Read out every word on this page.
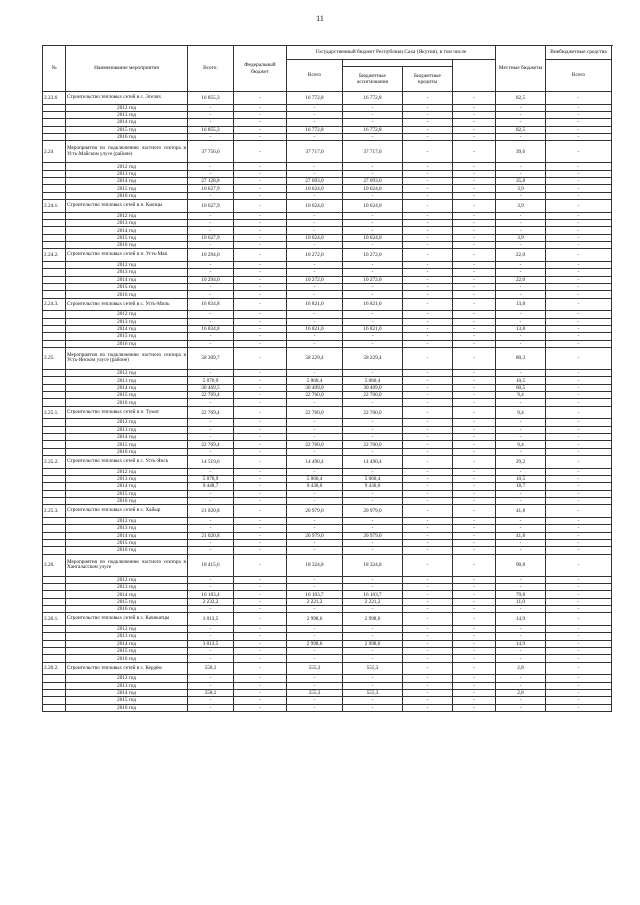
11
№	Наименование мероприятия	Всего:	Федеральный бюджет	Государственный бюджет Республики Саха (Якутия), в том числе				Местные бюджеты	Внебюджетные средства	
				Всего					Всего	
					Бюджетные ассигнования	Бюджетные кредиты				
2.23.6	Строительство тепловых сетей в с. Эселях	16 855,3	-	16 772,8	16 772,8	-	-	82,5	-	
	2012 год	-	-	-	-	-	-	-	-	
	2013 год	-	-	-	-	-	-	-	-	
	2014 год	-	-	-	-	-	-	-	-	
	2015 год	16 855,3	-	16 772,8	16 772,8	-	-	82,5	-	
	2016 год	-	-	-	-	-	-	-	-	
2.24	Мероприятия по подключению частного сектора в Усть-Майском улусе (районе)	37 756,6	-	37 717,0	37 717,0	-	-	39,6	-	
	2012 год	-	-	-	-	-	-	-	-	
	2013 год	-	-	-	-	-	-	-	-	
	2014 год	27 128,8	-	27 093,0	27 093,0	-	-	35,8	-	
	2015 год	10 627,9	-	10 624,0	10 624,0	-	-	3,9	-	
	2016 год	-	-	-	-	-	-	-	-	
2.24.1.	Строительство тепловых сетей в п. Кюпцы	10 627,9	-	10 624,0	10 624,0	-	-	3,9	-	
	2012 год	-	-	-	-	-	-	-	-	
	2013 год	-	-	-	-	-	-	-	-	
	2014 год	-	-	-	-	-	-	-	-	
	2015 год	10 627,9	-	10 624,0	10 624,0	-	-	3,9	-	
	2016 год	-	-	-	-	-	-	-	-	
2.24.2.	Строительство тепловых сетей в п. Усть-Мая	10 294,0	-	10 272,0	10 272,0	-	-	22,0	-	
	2012 год	-	-	-	-	-	-	-	-	
	2013 год	-	-	-	-	-	-	-	-	
	2014 год	10 294,0	-	10 272,0	10 272,0	-	-	22,0	-	
	2015 год	-	-	-	-	-	-	-	-	
	2016 год	-	-	-	-	-	-	-	-	
2.24.3.	Строительство тепловых сетей в с. Усть-Миль	16 834,8	-	16 821,0	16 821,0	-	-	13,8	-	
	2012 год	-	-	-	-	-	-	-	-	
	2013 год	-	-	-	-	-	-	-	-	
	2014 год	16 834,8	-	16 821,0	16 821,0	-	-	13,8	-	
	2015 год	-	-	-	-	-	-	-	-	
	2016 год	-	-	-	-	-	-	-	-	
2.25.	Мероприятия по подключению частного сектора в Усть-Янском улусе (районе)	58 309,7	-	58 229,4	58 229,4	-	-	80,3	-	
	2012 год	-	-	-	-	-	-	-	-	
	2013 год	5 070,9	-	5 060,4	5 060,4	-	-	10,5	-	
	2014 год	30 469,5	-	30 409,0	30 409,0	-	-	60,5	-	
	2015 год	22 769,4	-	22 760,0	22 760,0	-	-	9,4	-	
	2016 год	-	-	-	-	-	-	-	-	
2.25.1.	Строительство тепловых сетей в п. Тумат	22 769,4	-	22 760,0	22 760,0	-	-	9,4	-	
	2012 год	-	-	-	-	-	-	-	-	
	2013 год	-	-	-	-	-	-	-	-	
	2014 год	-	-	-	-	-	-	-	-	
	2015 год	22 769,4	-	22 760,0	22 760,0	-	-	9,4	-	
	2016 год	-	-	-	-	-	-	-	-	
2.25.2.	Строительство тепловых сетей в с. Усть-Янск	14 519,6	-	14 490,4	14 490,4	-	-	29,2	-	
	2012 год	-	-	-	-	-	-	-	-	
	2013 год	5 070,9	-	5 060,4	5 060,4	-	-	10,5	-	
	2014 год	9 448,7	-	9 430,0	9 430,0	-	-	18,7	-	
	2015 год	-	-	-	-	-	-	-	-	
	2016 год	-	-	-	-	-	-	-	-	
2.25.3.	Строительство тепловых сетей в с. Хайыр	21 020,8	-	20 979,0	20 979,0	-	-	41,8	-	
	2012 год	-	-	-	-	-	-	-	-	
	2013 год	-	-	-	-	-	-	-	-	
	2014 год	21 020,8	-	20 979,0	20 979,0	-	-	41,8	-	
	2015 год	-	-	-	-	-	-	-	-	
	2016 год	-	-	-	-	-	-	-	-	
2.26.	Мероприятия по подключению частного сектора в Хангаласском улусе	18 415,6	-	18 324,8	18 324,8	-	-	90,8	-	
	2012 год	-	-	-	-	-	-	-	-	
	2013 год	-	-	-	-	-	-	-	-	
	2014 год	16 183,4	-	16 103,7	16 103,7	-	-	79,8	-	
	2015 год	2 232,2	-	2 221,2	2 221,2	-	-	11,0	-	
	2016 год	-	-	-	-	-	-	-	-	
2.26.1.	Строительство тепловых сетей в с. Качикатцы	3 013,5	-	2 998,6	2 998,6	-	-	14,9	-	
	2012 год	-	-	-	-	-	-	-	-	
	2013 год	-	-	-	-	-	-	-	-	
	2014 год	3 013,5	-	2 998,6	2 998,6	-	-	14,9	-	
	2015 год	-	-	-	-	-	-	-	-	
	2016 год	-	-	-	-	-	-	-	-	
2.26.2.	Строительство тепловых сетей в с. Кердём	558,1	-	555,3	555,3	-	-	2,8	-	
	2012 год	-	-	-	-	-	-	-	-	
	2013 год	-	-	-	-	-	-	-	-	
	2014 год	558,1	-	555,3	555,3	-	-	2,8	-	
	2015 год	-	-	-	-	-	-	-	-	
	2016 год	-	-	-	-	-	-	-	-	
